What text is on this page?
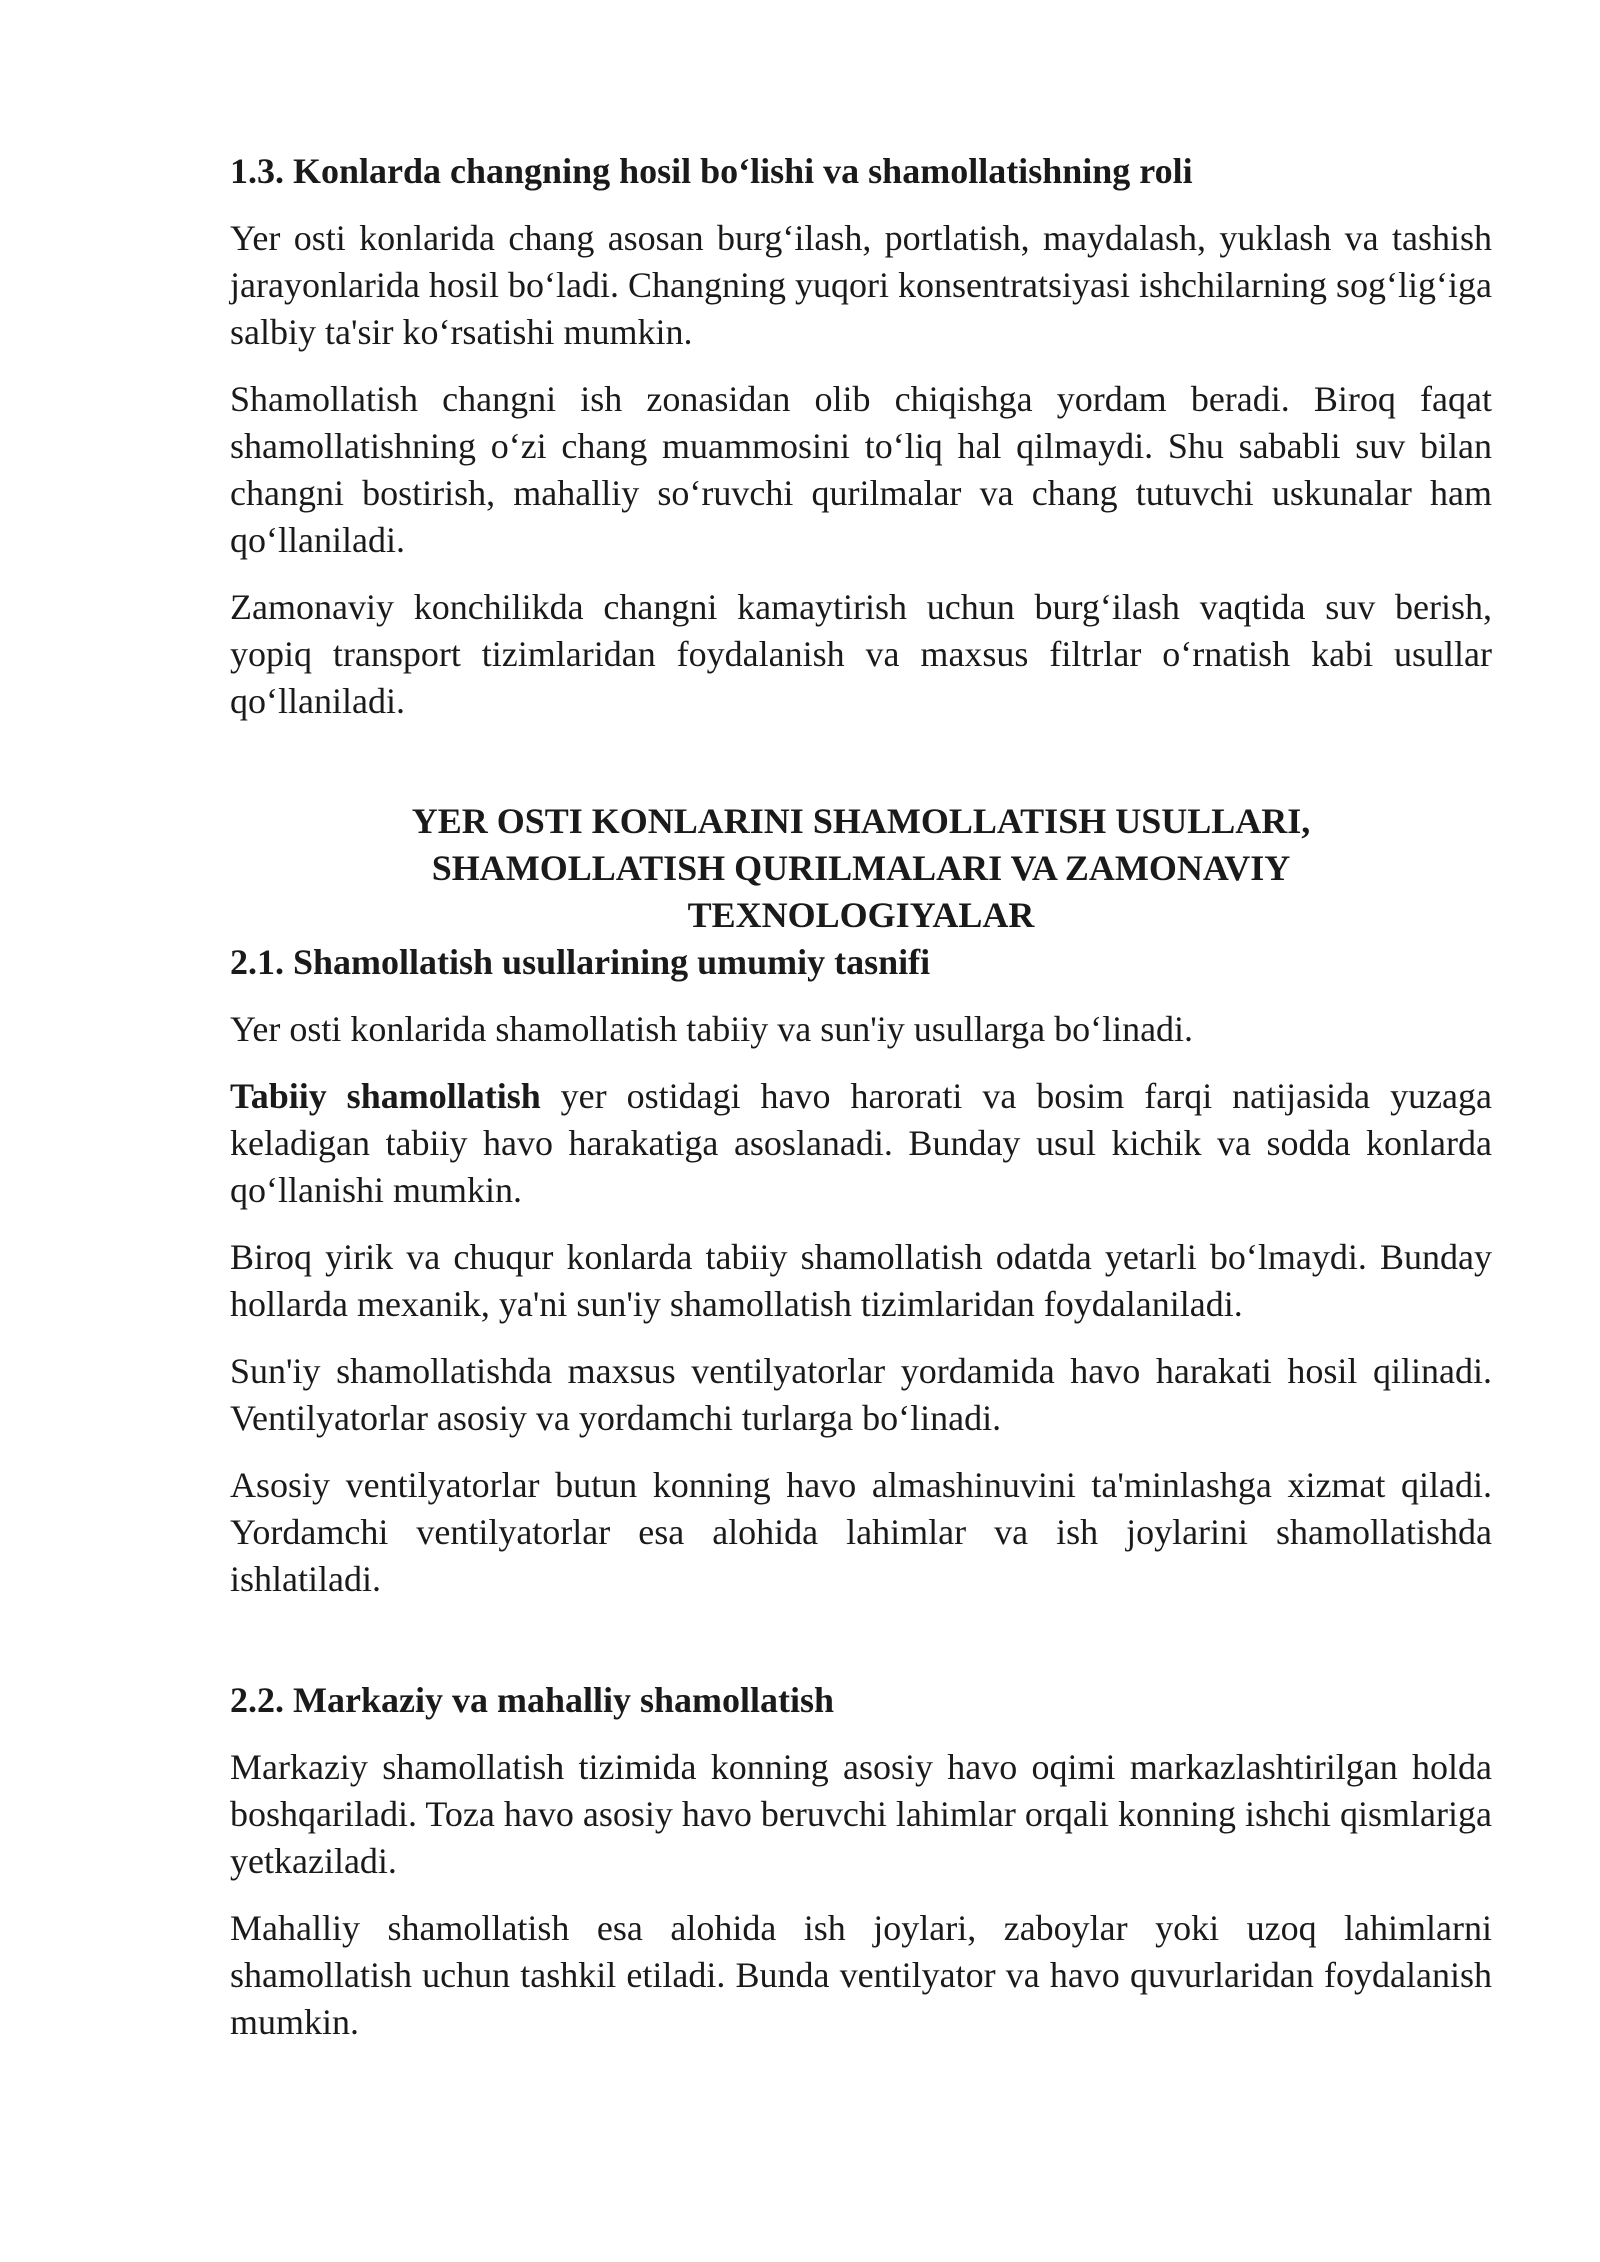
1.3. Konlarda changning hosil bo‘lishi va shamollatishning roli

Yer osti konlarida chang asosan burg‘ilash, portlatish, maydalash, yuklash va tashish jarayonlarida hosil bo‘ladi. Changning yuqori konsentratsiyasi ishchilarning sog‘lig‘iga salbiy ta'sir ko‘rsatishi mumkin.

Shamollatish changni ish zonasidan olib chiqishga yordam beradi. Biroq faqat shamollatishning o‘zi chang muammosini to‘liq hal qilmaydi. Shu sababli suv bilan changni bostirish, mahalliy so‘ruvchi qurilmalar va chang tutuvchi uskunalar ham qo‘llaniladi.

Zamonaviy konchilikda changni kamaytirish uchun burg‘ilash vaqtida suv berish, yopiq transport tizimlaridan foydalanish va maxsus filtrlar o‘rnatish kabi usullar qo‘llaniladi.

YER OSTI KONLARINI SHAMOLLATISH USULLARI,
SHAMOLLATISH QURILMALARI VA ZAMONAVIY
TEXNOLOGIYALAR
2.1. Shamollatish usullarining umumiy tasnifi

Yer osti konlarida shamollatish tabiiy va sun'iy usullarga bo‘linadi.

Tabiiy shamollatish yer ostidagi havo harorati va bosim farqi natijasida yuzaga keladigan tabiiy havo harakatiga asoslanadi. Bunday usul kichik va sodda konlarda qo‘llanishi mumkin.

Biroq yirik va chuqur konlarda tabiiy shamollatish odatda yetarli bo‘lmaydi. Bunday hollarda mexanik, ya'ni sun'iy shamollatish tizimlaridan foydalaniladi.

Sun'iy shamollatishda maxsus ventilyatorlar yordamida havo harakati hosil qilinadi. Ventilyatorlar asosiy va yordamchi turlarga bo‘linadi.

Asosiy ventilyatorlar butun konning havo almashinuvini ta'minlashga xizmat qiladi. Yordamchi ventilyatorlar esa alohida lahimlar va ish joylarini shamollatishda ishlatiladi.

2.2. Markaziy va mahalliy shamollatish

Markaziy shamollatish tizimida konning asosiy havo oqimi markazlashtirilgan holda boshqariladi. Toza havo asosiy havo beruvchi lahimlar orqali konning ishchi qismlariga yetkaziladi.

Mahalliy shamollatish esa alohida ish joylari, zaboylar yoki uzoq lahimlarni shamollatish uchun tashkil etiladi. Bunda ventilyator va havo quvurlaridan foydalanish mumkin.
